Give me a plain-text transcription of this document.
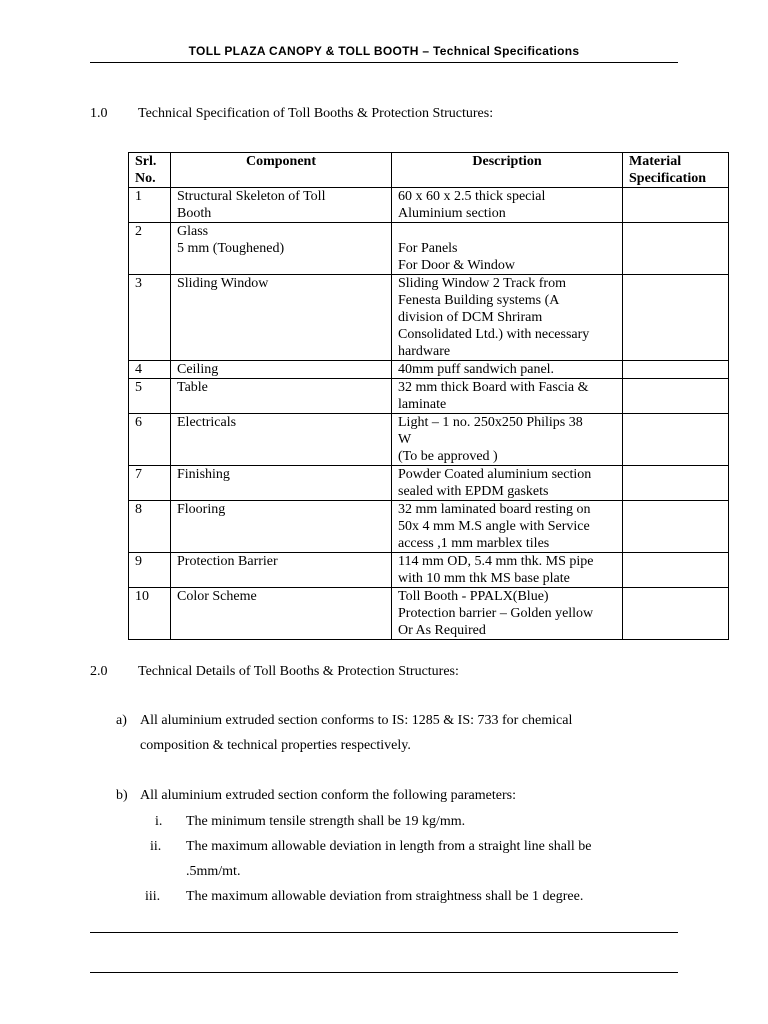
TOLL PLAZA CANOPY & TOLL BOOTH – Technical Specifications
1.0 Technical Specification of Toll Booths & Protection Structures:
Srl.
No.	Component	Description	Material
Specification

1	Structural Skeleton of Toll
Booth	60 x 60 x 2.5 thick special
Aluminium section	

2	Glass
5 mm (Toughened)	For Panels
For Door & Window	

3	Sliding Window	Sliding Window 2 Track from
Fenesta Building systems (A
division of DCM Shriram
Consolidated Ltd.) with necessary
hardware	

4	Ceiling	40mm puff sandwich panel.	

5	Table	32 mm thick Board with Fascia &
laminate	

6	Electricals	Light – 1 no. 250x250 Philips 38
W
(To be approved )	

7	Finishing	Powder Coated aluminium section
sealed with EPDM gaskets	

8	Flooring	32 mm laminated board resting on
50x 4 mm M.S angle with Service
access ,1 mm marblex tiles	

9	Protection Barrier	114 mm OD, 5.4 mm thk. MS pipe
with 10 mm thk MS base plate	

10	Color Scheme	Toll Booth - PPALX(Blue)
Protection barrier – Golden yellow
Or As Required	

2.0 Technical Details of Toll Booths & Protection Structures:
a) All aluminium extruded section conforms to IS: 1285 & IS: 733 for chemical
composition & technical properties respectively.
b) All aluminium extruded section conform the following parameters:
i. The minimum tensile strength shall be 19 kg/mm.
ii. The maximum allowable deviation in length from a straight line shall be
.5mm/mt.
iii. The maximum allowable deviation from straightness shall be 1 degree.
